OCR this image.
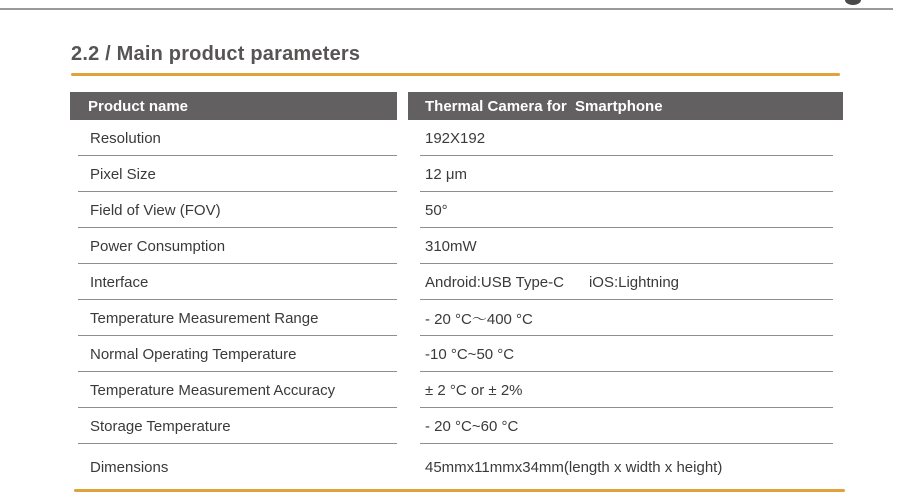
2.2 / Main product parameters
Product name	Thermal Camera for  Smartphone
Resolution	192X192
Pixel Size	12 μm
Field of View (FOV)	50°
Power Consumption	310mW
Interface	Android:USB Type-C      iOS:Lightning
Temperature Measurement Range	- 20 °C～400 °C
Normal Operating Temperature	-10 °C~50 °C
Temperature Measurement Accuracy	± 2 °C or ± 2%
Storage Temperature	- 20 °C~60 °C
Dimensions	45mmx11mmx34mm(length x width x height)
